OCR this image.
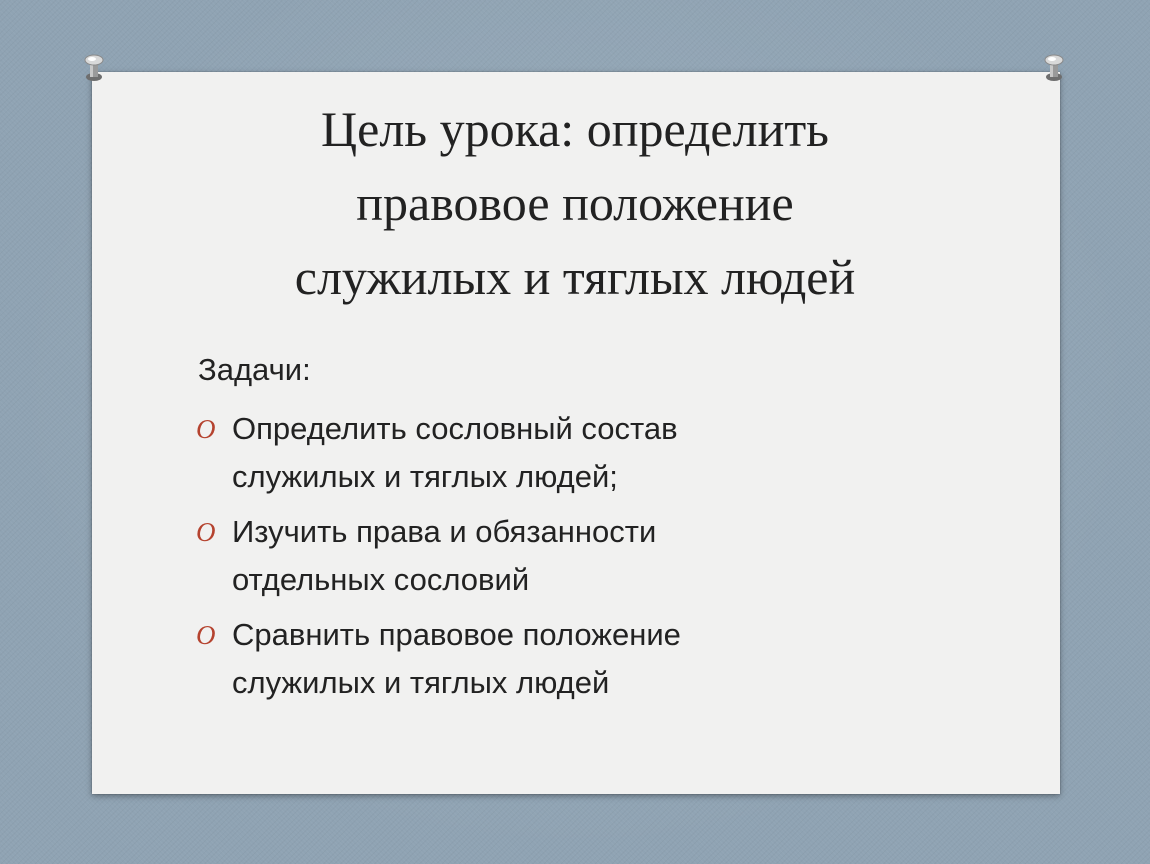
Цель урока: определить
правовое положение
служилых и тяглых людей
Задачи:
O Определить сословный состав
служилых и тяглых людей;
O Изучить права и обязанности
отдельных сословий
O Сравнить правовое положение
служилых и тяглых людей
